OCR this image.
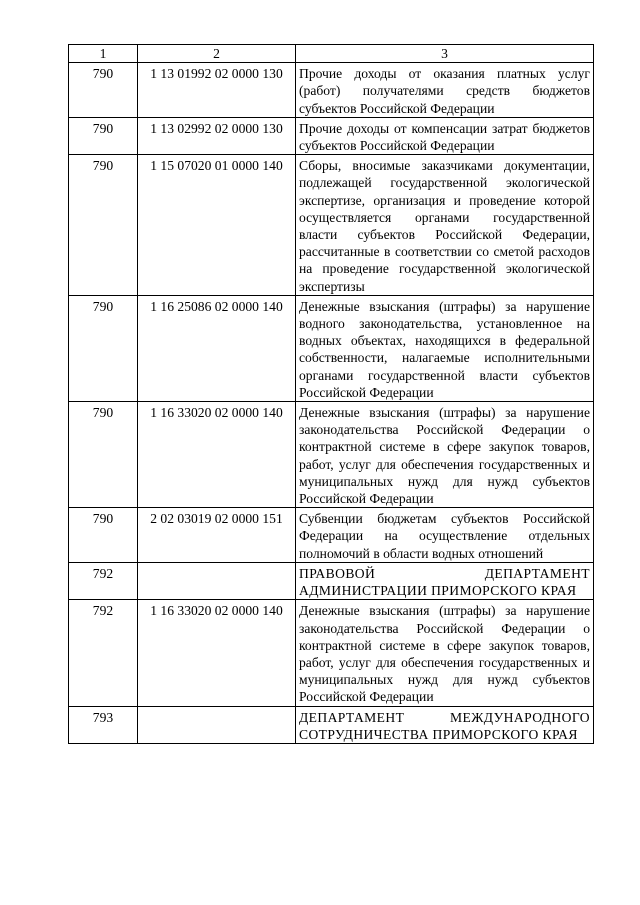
1	2	3
790	1 13 01992 02 0000 130	Прочие доходы от оказания платных услуг (работ) получателями средств бюджетов субъектов Российской Федерации
790	1 13 02992 02 0000 130	Прочие доходы от компенсации затрат бюджетов субъектов Российской Федерации
790	1 15 07020 01 0000 140	Сборы, вносимые заказчиками документации, подлежащей государственной экологической экспертизе, организация и проведение которой осуществляется органами государственной власти субъектов Российской Федерации, рассчитанные в соответствии со сметой расходов на проведение государственной экологической экспертизы
790	1 16 25086 02 0000 140	Денежные взыскания (штрафы) за нарушение водного законодательства, установленное на водных объектах, находящихся в федеральной собственности, налагаемые исполнительными органами государственной власти субъектов Российской Федерации
790	1 16 33020 02 0000 140	Денежные взыскания (штрафы) за нарушение законодательства Российской Федерации о контрактной системе в сфере закупок товаров, работ, услуг для обеспечения государственных и муниципальных нужд для нужд субъектов Российской Федерации
790	2 02 03019 02 0000 151	Субвенции бюджетам субъектов Российской Федерации на осуществление отдельных полномочий в области водных отношений
792		ПРАВОВОЙ ДЕПАРТАМЕНТ АДМИНИСТРАЦИИ ПРИМОРСКОГО КРАЯ
792	1 16 33020 02 0000 140	Денежные взыскания (штрафы) за нарушение законодательства Российской Федерации о контрактной системе в сфере закупок товаров, работ, услуг для обеспечения государственных и муниципальных нужд для нужд субъектов Российской Федерации
793		ДЕПАРТАМЕНТ МЕЖДУНАРОДНОГО СОТРУДНИЧЕСТВА ПРИМОРСКОГО КРАЯ
